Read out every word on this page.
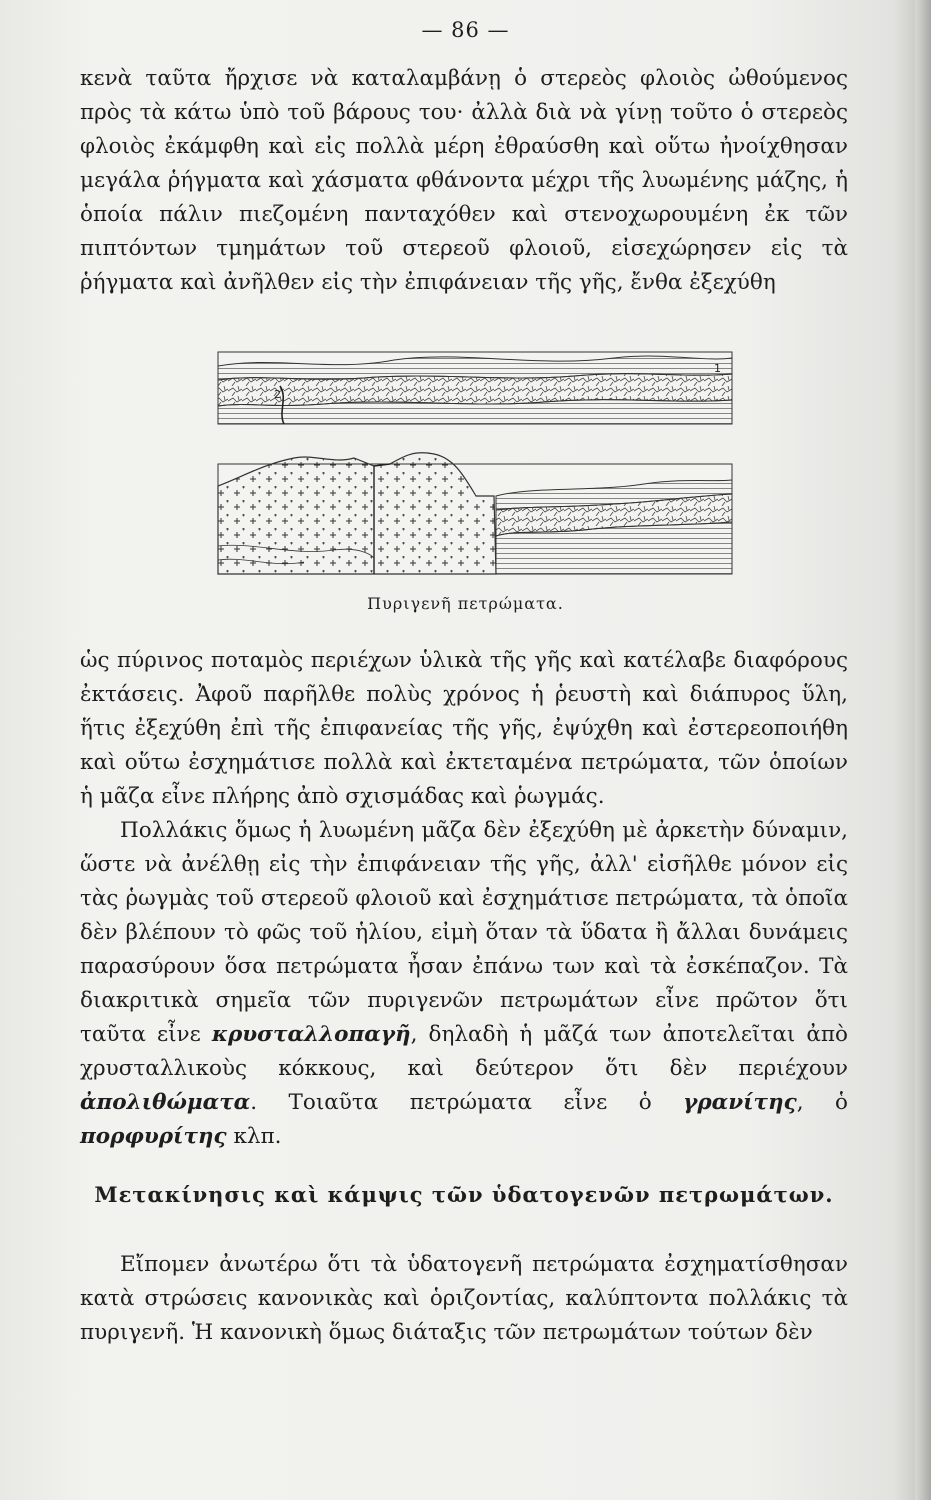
— 86 —

κενὰ ταῦτα ἤρχισε νὰ καταλαμβάνῃ ὁ στερεὸς φλοιὸς ὠθούμενος πρὸς τὰ κάτω ὑπὸ τοῦ βάρους του· ἀλλὰ διὰ νὰ γίνῃ τοῦτο ὁ στερεὸς φλοιὸς ἐκάμφθη καὶ εἰς πολλὰ μέρη ἐθραύσθη καὶ οὕτω ἠνοίχθησαν μεγάλα ῥήγματα καὶ χάσματα φθάνοντα μέχρι τῆς λυωμένης μάζης, ἡ ὁποία πάλιν πιεζομένη πανταχόθεν καὶ στενοχωρουμένη ἐκ τῶν πιπτόντων τμημάτων τοῦ στερεοῦ φλοιοῦ, εἰσεχώρησεν εἰς τὰ ῥήγματα καὶ ἀνῆλθεν εἰς τὴν ἐπιφάνειαν τῆς γῆς, ἔνθα ἐξεχύθη

1
2
Πυριγενῆ πετρώματα.

ὡς πύρινος ποταμὸς περιέχων ὑλικὰ τῆς γῆς καὶ κατέλαβε διαφόρους ἐκτάσεις. Ἀφοῦ παρῆλθε πολὺς χρόνος ἡ ῥευστὴ καὶ διάπυρος ὕλη, ἥτις ἐξεχύθη ἐπὶ τῆς ἐπιφανείας τῆς γῆς, ἐψύχθη καὶ ἐστερεοποιήθη καὶ οὕτω ἐσχημάτισε πολλὰ καὶ ἐκτεταμένα πετρώματα, τῶν ὁποίων ἡ μᾶζα εἶνε πλήρης ἀπὸ σχισμάδας καὶ ῥωγμάς.

Πολλάκις ὅμως ἡ λυωμένη μᾶζα δὲν ἐξεχύθη μὲ ἀρκετὴν δύναμιν, ὥστε νὰ ἀνέλθῃ εἰς τὴν ἐπιφάνειαν τῆς γῆς, ἀλλ' εἰσῆλθε μόνον εἰς τὰς ῥωγμὰς τοῦ στερεοῦ φλοιοῦ καὶ ἐσχημάτισε πετρώματα, τὰ ὁποῖα δὲν βλέπουν τὸ φῶς τοῦ ἡλίου, εἰμὴ ὅταν τὰ ὕδατα ἢ ἄλλαι δυνάμεις παρασύρουν ὅσα πετρώματα ἦσαν ἐπάνω των καὶ τὰ ἐσκέπαζον. Τὰ διακριτικὰ σημεῖα τῶν πυριγενῶν πετρωμάτων εἶνε πρῶτον ὅτι ταῦτα εἶνε κρυσταλλοπαγῆ, δηλαδὴ ἡ μᾶζά των ἀποτελεῖται ἀπὸ χρυσταλλικοὺς κόκκους, καὶ δεύτερον ὅτι δὲν περιέχουν ἀπολιθώματα. Τοιαῦτα πετρώματα εἶνε ὁ γρανίτης, ὁ πορφυρίτης κλπ.

Μετακίνησις καὶ κάμψις τῶν ὑδατογενῶν πετρωμάτων.

Εἴπομεν ἀνωτέρω ὅτι τὰ ὑδατογενῆ πετρώματα ἐσχηματίσθησαν κατὰ στρώσεις κανονικὰς καὶ ὁριζοντίας, καλύπτοντα πολλάκις τὰ πυριγενῆ. Ἡ κανονικὴ ὅμως διάταξις τῶν πετρωμάτων τούτων δὲν
